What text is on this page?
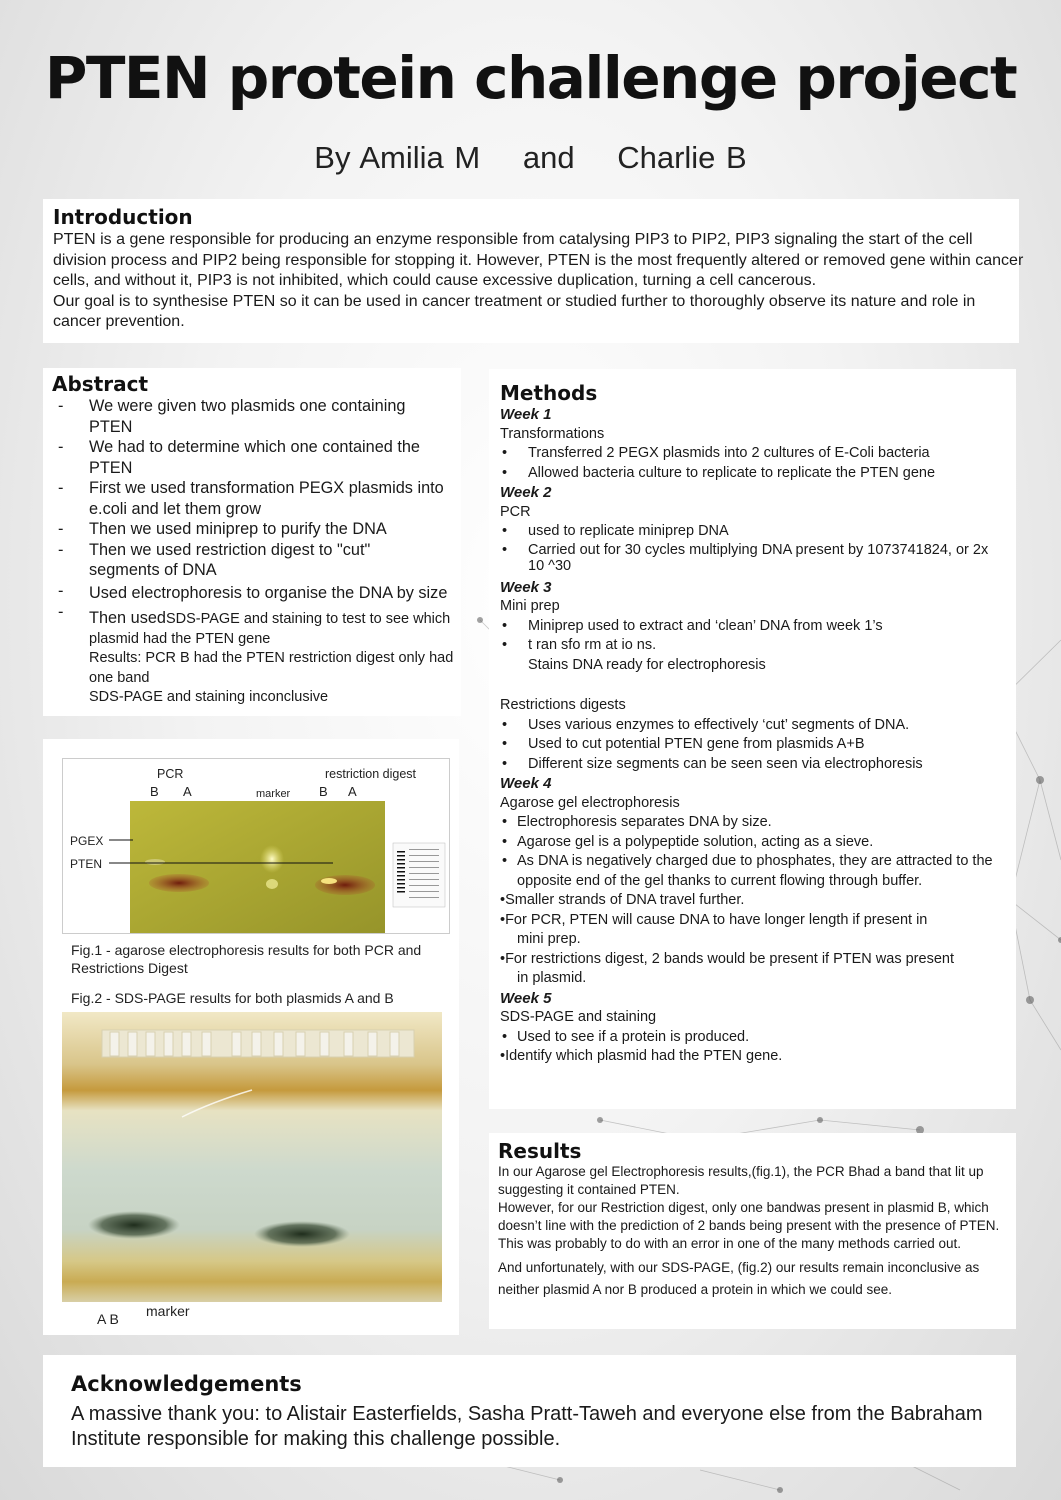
PTEN protein challenge project
By Amilia M and Charlie B
Introduction

PTEN is a gene responsible for producing an enzyme responsible from catalysing PIP3 to PIP2, PIP3 signaling the start of the cell division process and PIP2 being responsible for stopping it. However, PTEN is the most frequently altered or removed gene within cancer cells, and without it, PIP3 is not inhibited, which could cause excessive duplication, turning a cell cancerous.

Our goal is to synthesise PTEN so it can be used in cancer treatment or studied further to thoroughly observe its nature and role in cancer prevention.

Abstract
- We were given two plasmids one containing PTEN
- We had to determine which one contained the PTEN
- First we used transformation PEGX plasmids into e.coli and let them grow
- Then we used miniprep to purify the DNA
- Then we used restriction digest to "cut" segments of DNA
- Used electrophoresis to organise the DNA by size
- Then usedSDS-PAGE and staining to test to see which plasmid had the PTEN gene
Results: PCR B had the PTEN restriction digest only had one band
SDS-PAGE and staining inconclusive
PCR	restriction digest
B A	marker B A
PGEX
PTEN
Fig.1 - agarose electrophoresis results for both PCR and Restrictions Digest
Fig.2 - SDS-PAGE results for both plasmids A and B
A B marker
Methods
Week 1
Transformations
• Transferred 2 PEGX plasmids into 2 cultures of E-Coli bacteria
• Allowed bacteria culture to replicate to replicate the PTEN gene
Week 2
PCR
• used to replicate miniprep DNA
• Carried out for 30 cycles multiplying DNA present by 1073741824, or 2x 10 ^30
Week 3
Mini prep
• Miniprep used to extract and ‘clean’ DNA from week 1’s
• t ran sfo rm at io ns.
Stains DNA ready for electrophoresis
Restrictions digests
• Uses various enzymes to effectively ‘cut’ segments of DNA.
• Used to cut potential PTEN gene from plasmids A+B
• Different size segments can be seen seen via electrophoresis
Week 4
Agarose gel electrophoresis
• Electrophoresis separates DNA by size.
• Agarose gel is a polypeptide solution, acting as a sieve.
• As DNA is negatively charged due to phosphates, they are attracted to the opposite end of the gel thanks to current flowing through buffer.
•Smaller strands of DNA travel further.
•For PCR, PTEN will cause DNA to have longer length if present in
mini prep.
•For restrictions digest, 2 bands would be present if PTEN was present
in plasmid.
Week 5
SDS-PAGE and staining
• Used to see if a protein is produced.
•Identify which plasmid had the PTEN gene.
Results

In our Agarose gel Electrophoresis results,(fig.1), the PCR Bhad a band that lit up suggesting it contained PTEN.

However, for our Restriction digest, only one bandwas present in plasmid B, which doesn’t line with the prediction of 2 bands being present with the presence of PTEN. This was probably to do with an error in one of the many methods carried out.

And unfortunately, with our SDS-PAGE, (fig.2) our results remain inconclusive as neither plasmid A nor B produced a protein in which we could see.

Acknowledgements

A massive thank you: to Alistair Easterfields, Sasha Pratt-Taweh and everyone else from the Babraham Institute responsible for making this challenge possible.
